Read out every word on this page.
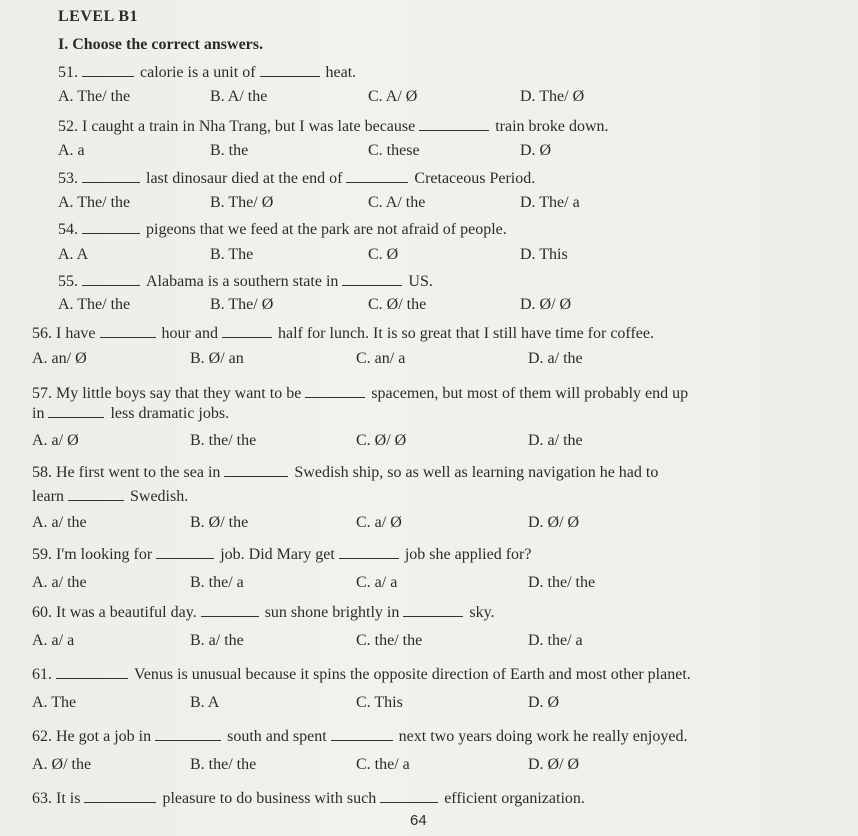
LEVEL B1
I. Choose the correct answers.
51.	calorie is a unit of	heat.
A. The/ the	B. A/ the	C. A/ Ø	D. The/ Ø
52. I caught a train in Nha Trang, but I was late because	train broke down.
A. a	B. the	C. these	D. Ø
53.	last dinosaur died at the end of	Cretaceous Period.
A. The/ the	B. The/ Ø	C. A/ the	D. The/ a
54.	pigeons that we feed at the park are not afraid of people.
A. A	B. The	C. Ø	D. This
55.	Alabama is a southern state in	US.
A. The/ the	B. The/ Ø	C. Ø/ the	D. Ø/ Ø
56. I have	hour and	half for lunch. It is so great that I still have time for coffee.
A. an/ Ø	B. Ø/ an	C. an/ a	D. a/ the
57. My little boys say that they want to be	spacemen, but most of them will probably end up
in	less dramatic jobs.
A. a/ Ø	B. the/ the	C. Ø/ Ø	D. a/ the
58. He first went to the sea in	Swedish ship, so as well as learning navigation he had to
learn	Swedish.
A. a/ the	B. Ø/ the	C. a/ Ø	D. Ø/ Ø
59. I'm looking for	job. Did Mary get	job she applied for?
A. a/ the	B. the/ a	C. a/ a	D. the/ the
60. It was a beautiful day.	sun shone brightly in	sky.
A. a/ a	B. a/ the	C. the/ the	D. the/ a
61.	Venus is unusual because it spins the opposite direction of Earth and most other planet.
A. The	B. A	C. This	D. Ø
62. He got a job in	south and spent	next two years doing work he really enjoyed.
A. Ø/ the	B. the/ the	C. the/ a	D. Ø/ Ø
63. It is	pleasure to do business with such	efficient organization.
64
